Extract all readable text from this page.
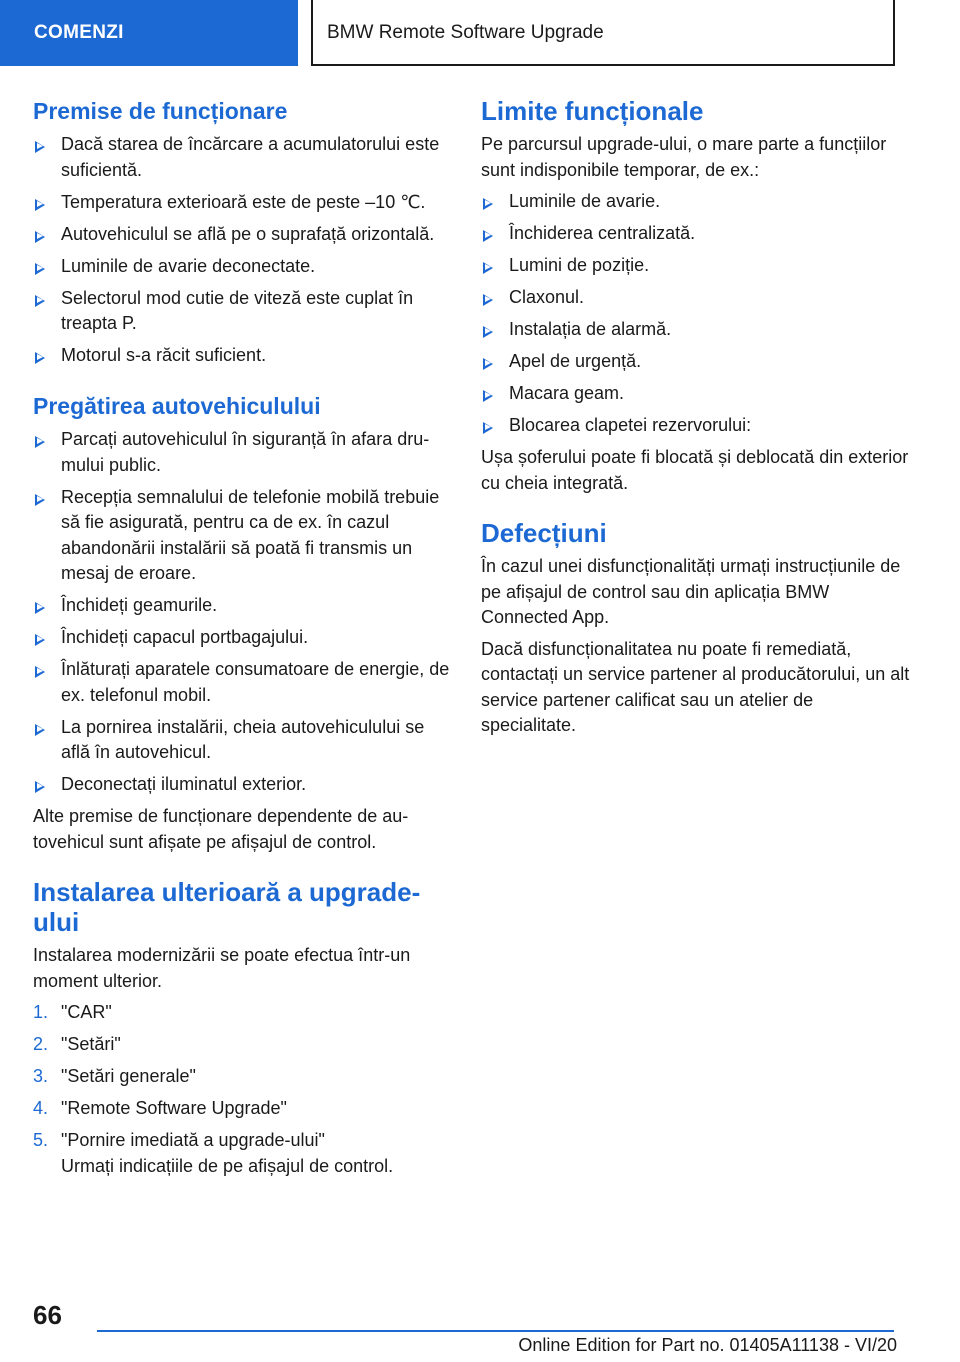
COMENZI	BMW Remote Software Upgrade
Premise de funcționare
Dacă starea de încărcare a acumulatorului este suficientă.
Temperatura exterioară este de peste –10 ℃.
Autovehiculul se află pe o suprafață orizontală.
Luminile de avarie deconectate.
Selectorul mod cutie de viteză este cuplat în treapta P.
Motorul s-a răcit suficient.
Pregătirea autovehiculului
Parcați autovehiculul în siguranță în afara drumului public.
Recepția semnalului de telefonie mobilă trebuie să fie asigurată, pentru ca de ex. în cazul abandonării instalării să poată fi transmis un mesaj de eroare.
Închideți geamurile.
Închideți capacul portbagajului.
Înlăturați aparatele consumatoare de energie, de ex. telefonul mobil.
La pornirea instalării, cheia autovehiculului se află în autovehicul.
Deconectați iluminatul exterior.

Alte premise de funcționare dependente de autovehicul sunt afișate pe afișajul de control.

Instalarea ulterioară a upgrade-ului

Instalarea modernizării se poate efectua într-un moment ulterior.

1. "CAR"
2. "Setări"
3. "Setări generale"
4. "Remote Software Upgrade"
5. "Pornire imediată a upgrade-ului"
Urmați indicațiile de pe afișajul de control.
Limite funcționale

Pe parcursul upgrade-ului, o mare parte a funcțiilor sunt indisponibile temporar, de ex.:

Luminile de avarie.
Închiderea centralizată.
Lumini de poziție.
Claxonul.
Instalația de alarmă.
Apel de urgență.
Macara geam.
Blocarea clapetei rezervorului:

Ușa șoferului poate fi blocată și deblocată din exterior cu cheia integrată.

Defecțiuni

În cazul unei disfuncționalități urmați instrucțiunile de pe afișajul de control sau din aplicația BMW Connected App.

Dacă disfuncționalitatea nu poate fi remediată, contactați un service partener al producătorului, un alt service partener calificat sau un atelier de specialitate.

66
Online Edition for Part no. 01405A11138 - VI/20
